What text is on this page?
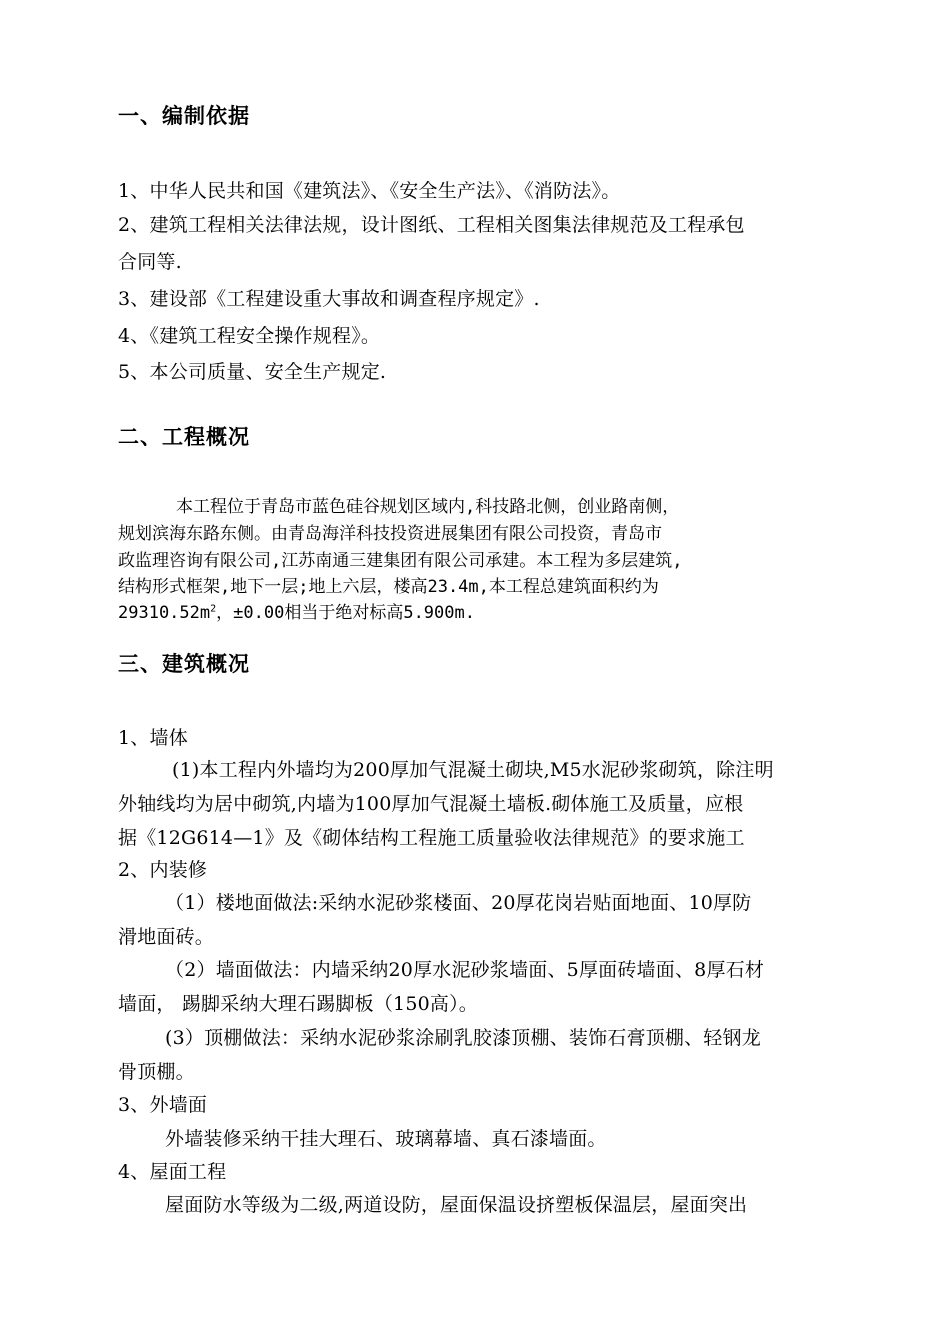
一、编制依据
1、中华人民共和国《建筑法》、《安全生产法》、《消防法》。
2、建筑工程相关法律法规，设计图纸、工程相关图集法律规范及工程承包
合同等.
3、建设部《工程建设重大事故和调查程序规定》.
4、《建筑工程安全操作规程》。
5、本公司质量、安全生产规定.
二、工程概况
本工程位于青岛市蓝色硅谷规划区域内,科技路北侧，创业路南侧，
规划滨海东路东侧。由青岛海洋科技投资进展集团有限公司投资，青岛市
政监理咨询有限公司,江苏南通三建集团有限公司承建。本工程为多层建筑,
结构形式框架,地下一层;地上六层，楼高23.4m,本工程总建筑面积约为
$29310.52m^2$，±0.00相当于绝对标高5.900m.
三、建筑概况
1、墙体
(1)本工程内外墙均为200厚加气混凝土砌块,M5水泥砂浆砌筑，除注明
外轴线均为居中砌筑,内墙为100厚加气混凝土墙板.砌体施工及质量，应根
据《12G614—1》及《砌体结构工程施工质量验收法律规范》的要求施工
2、内装修
（1）楼地面做法:采纳水泥砂浆楼面、20厚花岗岩贴面地面、10厚防
滑地面砖。
（2）墙面做法：内墙采纳20厚水泥砂浆墙面、5厚面砖墙面、8厚石材
墙面， 踢脚采纳大理石踢脚板（150高）。
(3）顶棚做法：采纳水泥砂浆涂刷乳胶漆顶棚、装饰石膏顶棚、轻钢龙
骨顶棚。
3、外墙面
外墙装修采纳干挂大理石、玻璃幕墙、真石漆墙面。
4、屋面工程
屋面防水等级为二级,两道设防，屋面保温设挤塑板保温层，屋面突出
